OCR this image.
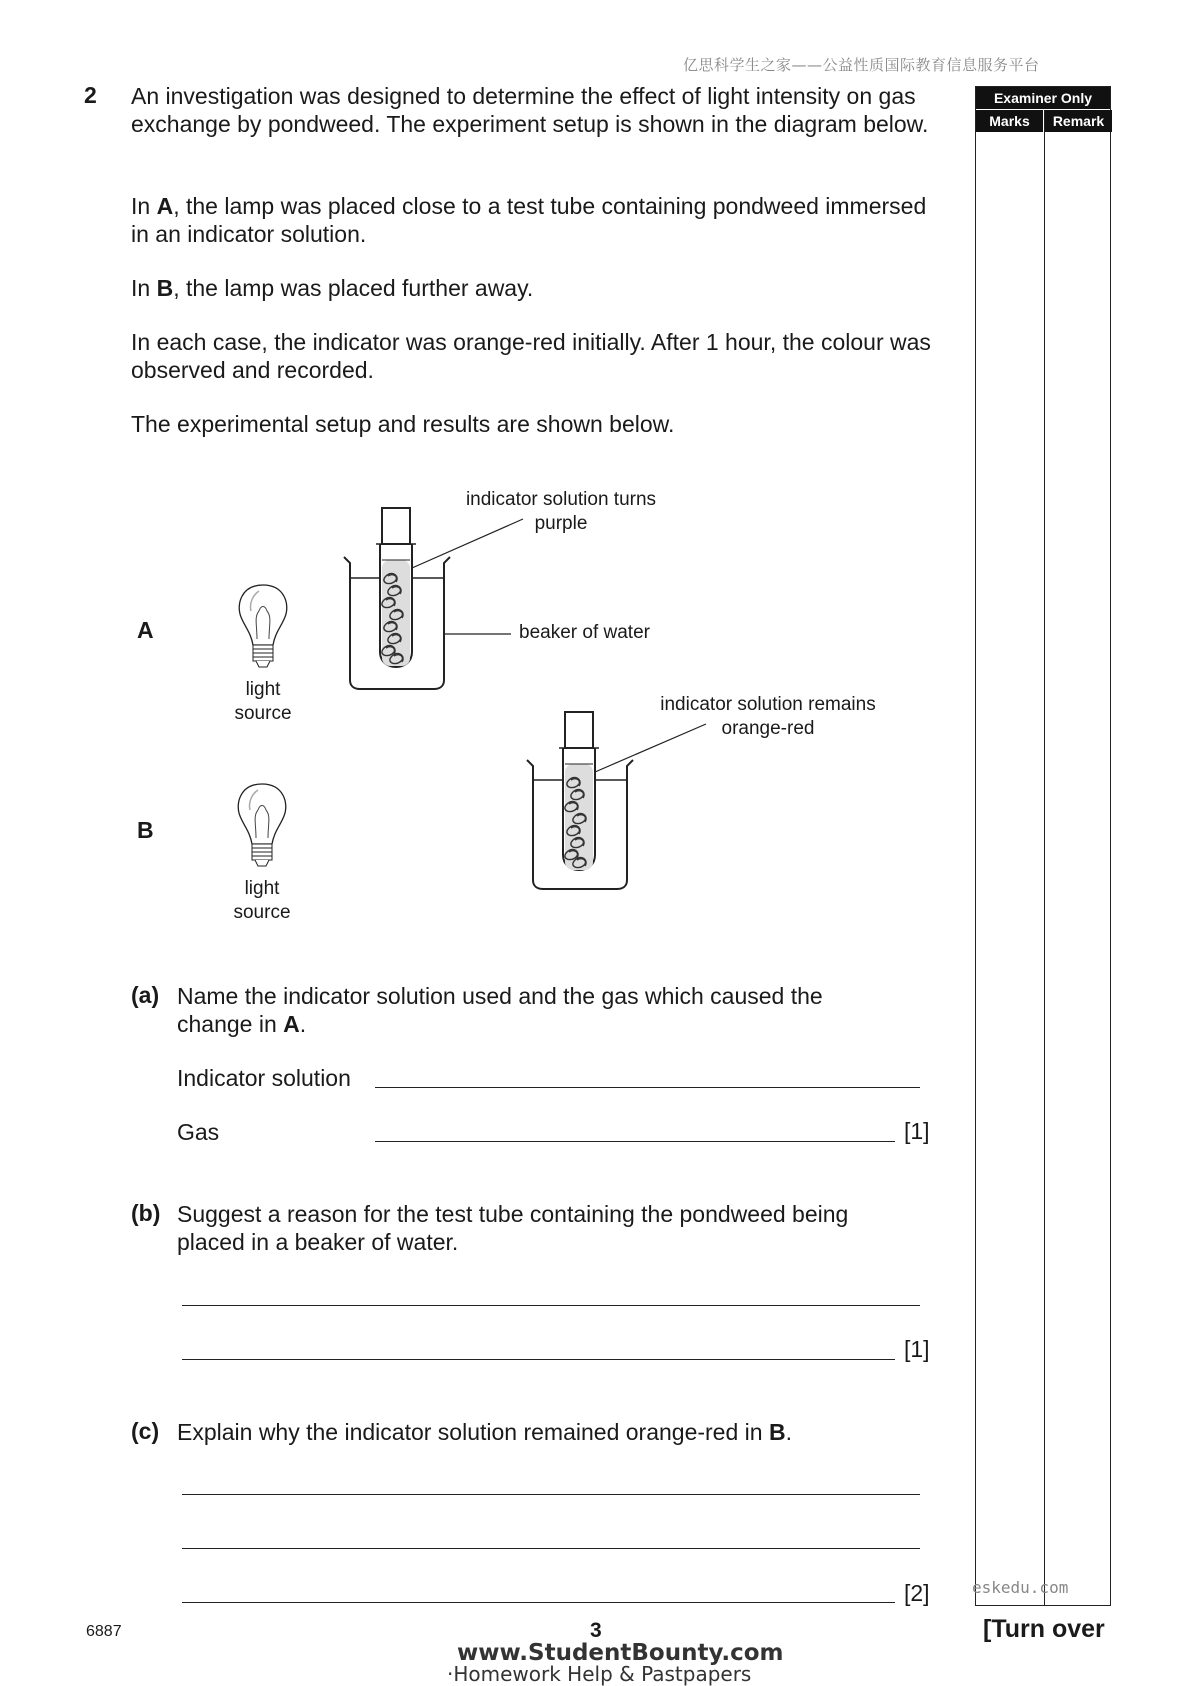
亿思科学生之家——公益性质国际教育信息服务平台
2 An investigation was designed to determine the effect of light intensity on gas exchange by pondweed. The experiment setup is shown in the diagram below.
In A, the lamp was placed close to a test tube containing pondweed immersed in an indicator solution.
In B, the lamp was placed further away.
In each case, the indicator was orange-red initially. After 1 hour, the colour was observed and recorded.
The experimental setup and results are shown below.
Examiner Only
Marks	Remark
A
B
light
source
light
source
indicator solution turns
purple
beaker of water
indicator solution remains
orange-red
(a) Name the indicator solution used and the gas which caused the change in A.
Indicator solution
Gas	[1]
(b) Suggest a reason for the test tube containing the pondweed being placed in a beaker of water.
[1]
(c) Explain why the indicator solution remained orange-red in B.
[2]	eskedu.com
6887	3	[Turn over
www.StudentBounty.com
·Homework Help & Pastpapers
